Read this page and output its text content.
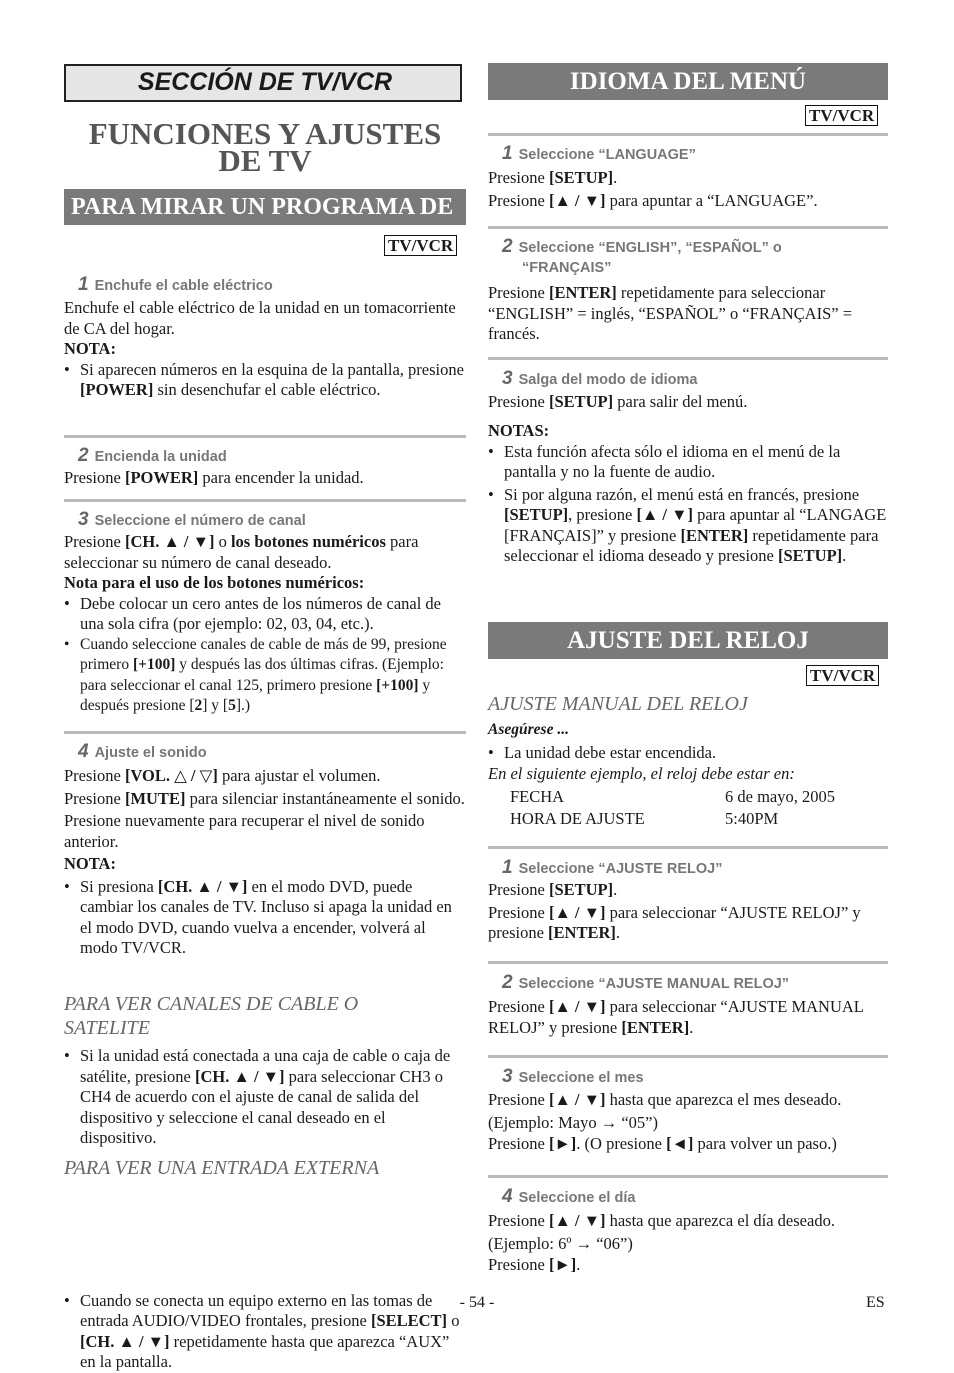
SECCIÓN DE TV/VCR
FUNCIONES Y AJUSTES
DE TV
PARA MIRAR UN PROGRAMA DE TV	TV/VCR
1 Enchufe el cable eléctrico

Enchufe el cable eléctrico de la unidad en un tomacorriente de CA del hogar.

NOTA:

• Si aparecen números en la esquina de la pantalla, presione [POWER] sin desenchufar el cable eléctrico.

2 Encienda la unidad

Presione [POWER] para encender la unidad.

3 Seleccione el número de canal

Presione [CH. ▲ / ▼] o los botones numéricos para seleccionar su número de canal deseado.

Nota para el uso de los botones numéricos:

• Debe colocar un cero antes de los números de canal de una sola cifra (por ejemplo: 02, 03, 04, etc.).

• Cuando seleccione canales de cable de más de 99, presione primero [+100] y después las dos últimas cifras. (Ejemplo: para seleccionar el canal 125, primero presione [+100] y después presione [2] y [5].)

4 Ajuste el sonido

Presione [VOL. △ / ▽] para ajustar el volumen.

Presione [MUTE] para silenciar instantáneamente el sonido.

Presione nuevamente para recuperar el nivel de sonido anterior.

NOTA:

• Si presiona [CH. ▲ / ▼] en el modo DVD, puede cambiar los canales de TV. Incluso si apaga la unidad en el modo DVD, cuando vuelva a encender, volverá al modo TV/VCR.

PARA VER CANALES DE CABLE O SATELITE

• Si la unidad está conectada a una caja de cable o caja de satélite, presione [CH. ▲ / ▼] para seleccionar CH3 o CH4 de acuerdo con el ajuste de canal de salida del dispositivo y seleccione el canal deseado en el dispositivo.

PARA VER UNA ENTRADA EXTERNA

• Cuando se conecta un equipo externo en las tomas de entrada AUDIO/VIDEO frontales, presione [SELECT] o [CH. ▲ / ▼] repetidamente hasta que aparezca “AUX” en la pantalla.

IDIOMA DEL MENÚ
TV/VCR
1 Seleccione “LANGUAGE”

Presione [SETUP].

Presione [▲ / ▼] para apuntar a “LANGUAGE”.

2 Seleccione “ENGLISH”, “ESPAÑOL” o
“FRANÇAIS”

Presione [ENTER] repetidamente para seleccionar “ENGLISH” = inglés, “ESPAÑOL” o “FRANÇAIS” = francés.

3 Salga del modo de idioma

Presione [SETUP] para salir del menú.

NOTAS:

• Esta función afecta sólo el idioma en el menú de la pantalla y no la fuente de audio.

• Si por alguna razón, el menú está en francés, presione [SETUP], presione [▲ / ▼] para apuntar al “LANGAGE [FRANÇAIS]” y presione [ENTER] repetidamente para seleccionar el idioma deseado y presione [SETUP].

AJUSTE DEL RELOJ
TV/VCR
AJUSTE MANUAL DEL RELOJ

Asegúrese ...

• La unidad debe estar encendida.

En el siguiente ejemplo, el reloj debe estar en:

FECHA	6 de mayo, 2005
HORA DE AJUSTE	5:40PM
1 Seleccione “AJUSTE RELOJ”

Presione [SETUP].

Presione [▲ / ▼] para seleccionar “AJUSTE RELOJ” y presione [ENTER].

2 Seleccione “AJUSTE MANUAL RELOJ”

Presione [▲ / ▼] para seleccionar “AJUSTE MANUAL RELOJ” y presione [ENTER].

3 Seleccione el mes

Presione [▲ / ▼] hasta que aparezca el mes deseado.

(Ejemplo: Mayo → “05”)

Presione [►]. (O presione [◄] para volver un paso.)

4 Seleccione el día

Presione [▲ / ▼] hasta que aparezca el día deseado.

(Ejemplo: 6º → “06”)

Presione [►].

- 54 -	ES
